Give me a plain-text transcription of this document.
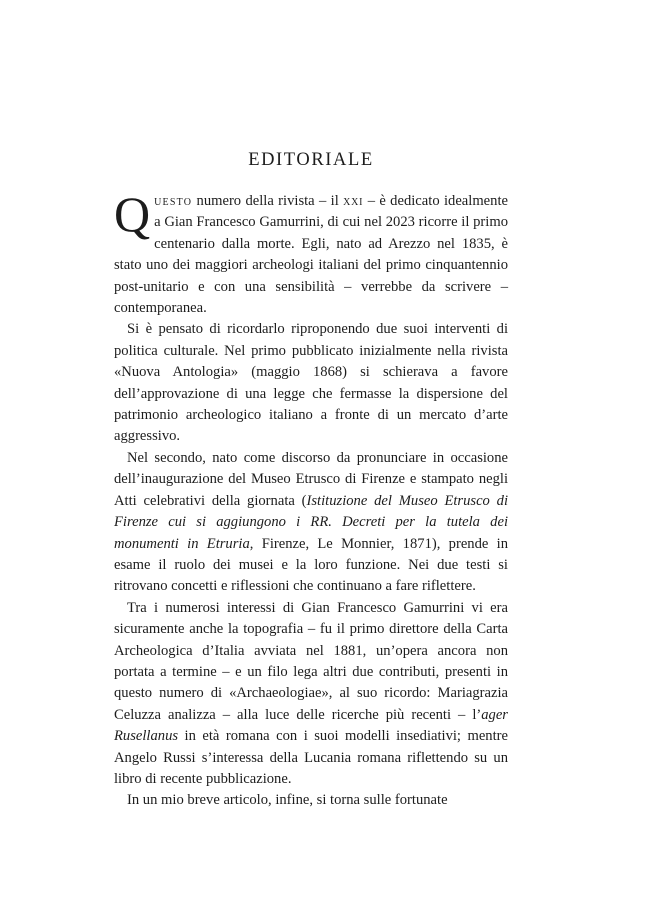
EDITORIALE

Questo numero della rivista – il xxi – è dedicato idealmente a Gian Francesco Gamurrini, di cui nel 2023 ricorre il primo centenario dalla morte. Egli, nato ad Arezzo nel 1835, è stato uno dei maggiori archeologi italiani del primo cinquantennio post-unitario e con una sensibilità – verrebbe da scrivere – contemporanea.

Si è pensato di ricordarlo riproponendo due suoi interventi di politica culturale. Nel primo pubblicato inizialmente nella rivista «Nuova Antologia» (maggio 1868) si schierava a favore dell’approvazione di una legge che fermasse la dispersione del patrimonio archeologico italiano a fronte di un mercato d’arte aggressivo.

Nel secondo, nato come discorso da pronunciare in occasione dell’inaugurazione del Museo Etrusco di Firenze e stampato negli Atti celebrativi della giornata (Istituzione del Museo Etrusco di Firenze cui si aggiungono i RR. Decreti per la tutela dei monumenti in Etruria, Firenze, Le Monnier, 1871), prende in esame il ruolo dei musei e la loro funzione. Nei due testi si ritrovano concetti e riflessioni che continuano a fare riflettere.

Tra i numerosi interessi di Gian Francesco Gamurrini vi era sicuramente anche la topografia – fu il primo direttore della Carta Archeologica d’Italia avviata nel 1881, un’opera ancora non portata a termine – e un filo lega altri due contributi, presenti in questo numero di «Archaeologiae», al suo ricordo: Mariagrazia Celuzza analizza – alla luce delle ricerche più recenti – l’ager Rusellanus in età romana con i suoi modelli insediativi; mentre Angelo Russi s’interessa della Lucania romana riflettendo su un libro di recente pubblicazione.

In un mio breve articolo, infine, si torna sulle fortunate
